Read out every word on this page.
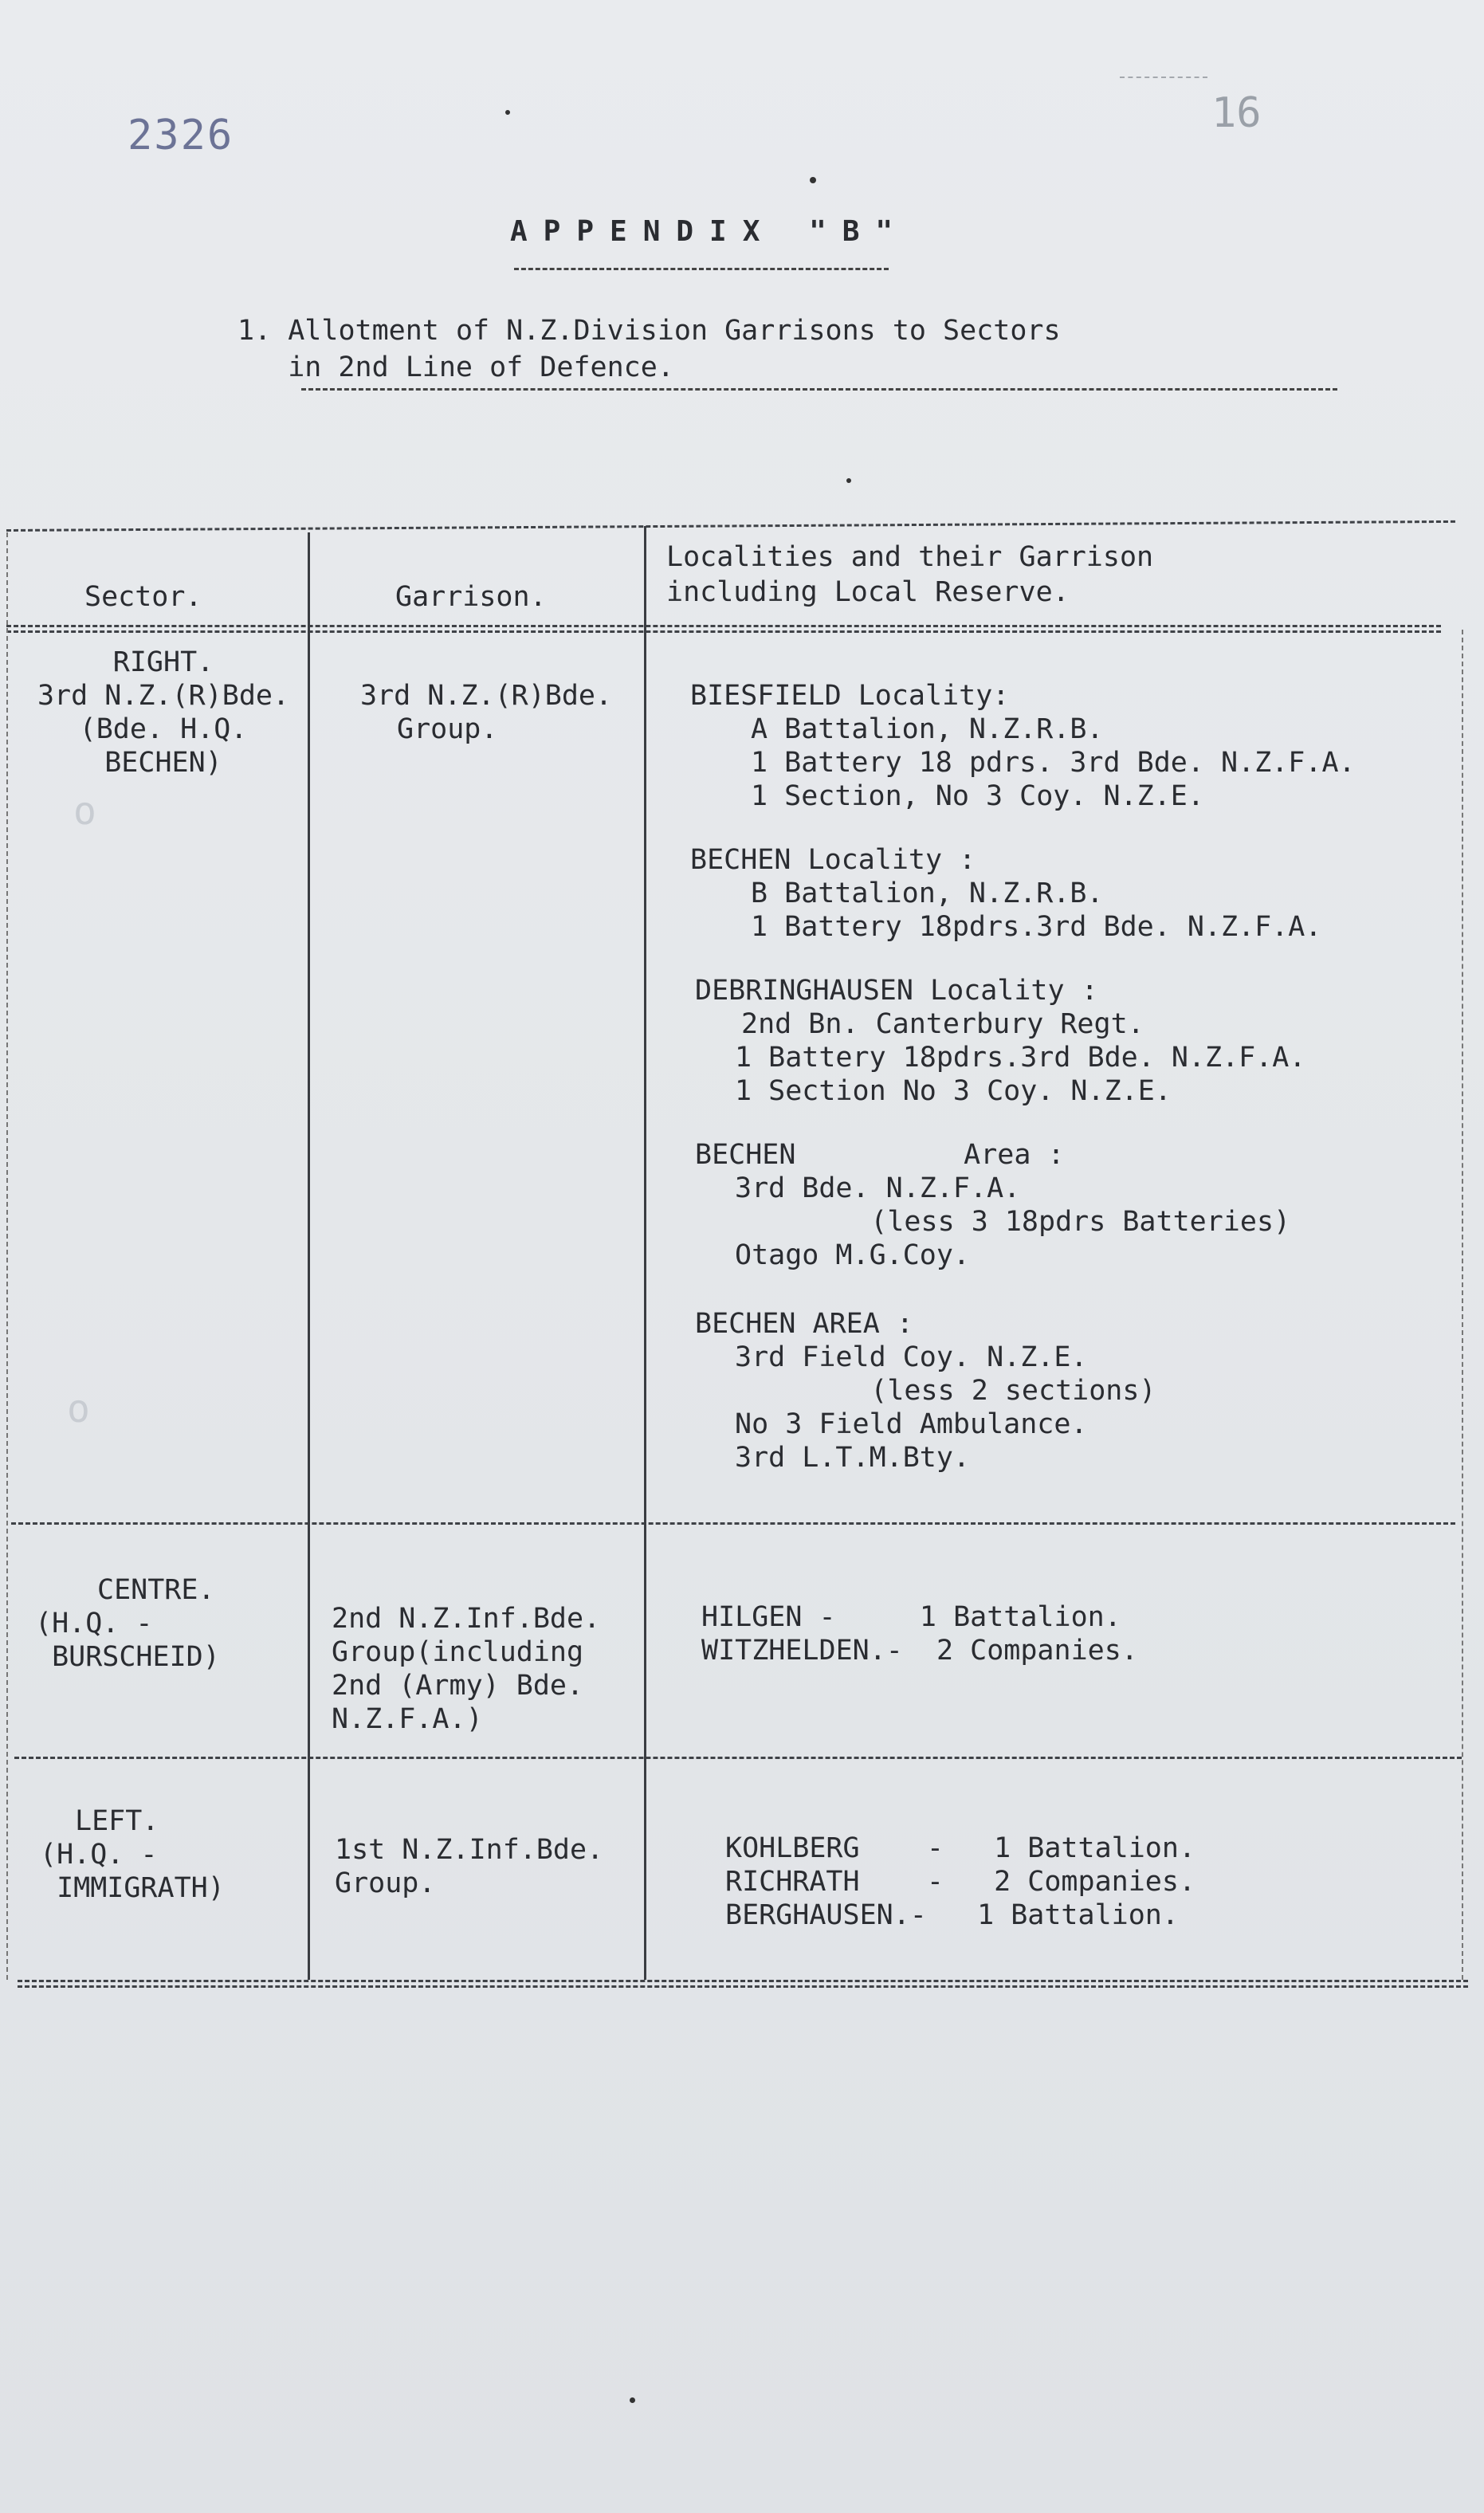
2326	16
APPENDIX "B"
1. Allotment of N.Z.Division Garrisons to Sectors
in 2nd Line of Defence.
Sector.	Garrison.
Localities and their Garrison
including Local Reserve.
RIGHT.
3rd N.Z.(R)Bde.
(Bde. H.Q.
BECHEN)
o
o
3rd N.Z.(R)Bde.
Group.
BIESFIELD Locality:
A Battalion, N.Z.R.B.
1 Battery 18 pdrs. 3rd Bde. N.Z.F.A.
1 Section, No 3 Coy. N.Z.E.
BECHEN Locality :
B Battalion, N.Z.R.B.
1 Battery 18pdrs.3rd Bde. N.Z.F.A.
DEBRINGHAUSEN Locality :
2nd Bn. Canterbury Regt.
1 Battery 18pdrs.3rd Bde. N.Z.F.A.
1 Section No 3 Coy. N.Z.E.
BECHEN          Area :
3rd Bde. N.Z.F.A.
(less 3 18pdrs Batteries)
Otago M.G.Coy.
BECHEN AREA :
3rd Field Coy. N.Z.E.
(less 2 sections)
No 3 Field Ambulance.
3rd L.T.M.Bty.
CENTRE.
(H.Q. -
BURSCHEID)
2nd N.Z.Inf.Bde.
Group(including
2nd (Army) Bde.
N.Z.F.A.)
HILGEN -     1 Battalion.
WITZHELDEN.-  2 Companies.
LEFT.
(H.Q. -
IMMIGRATH)
1st N.Z.Inf.Bde.
Group.
KOHLBERG    -   1 Battalion.
RICHRATH    -   2 Companies.
BERGHAUSEN.-   1 Battalion.
